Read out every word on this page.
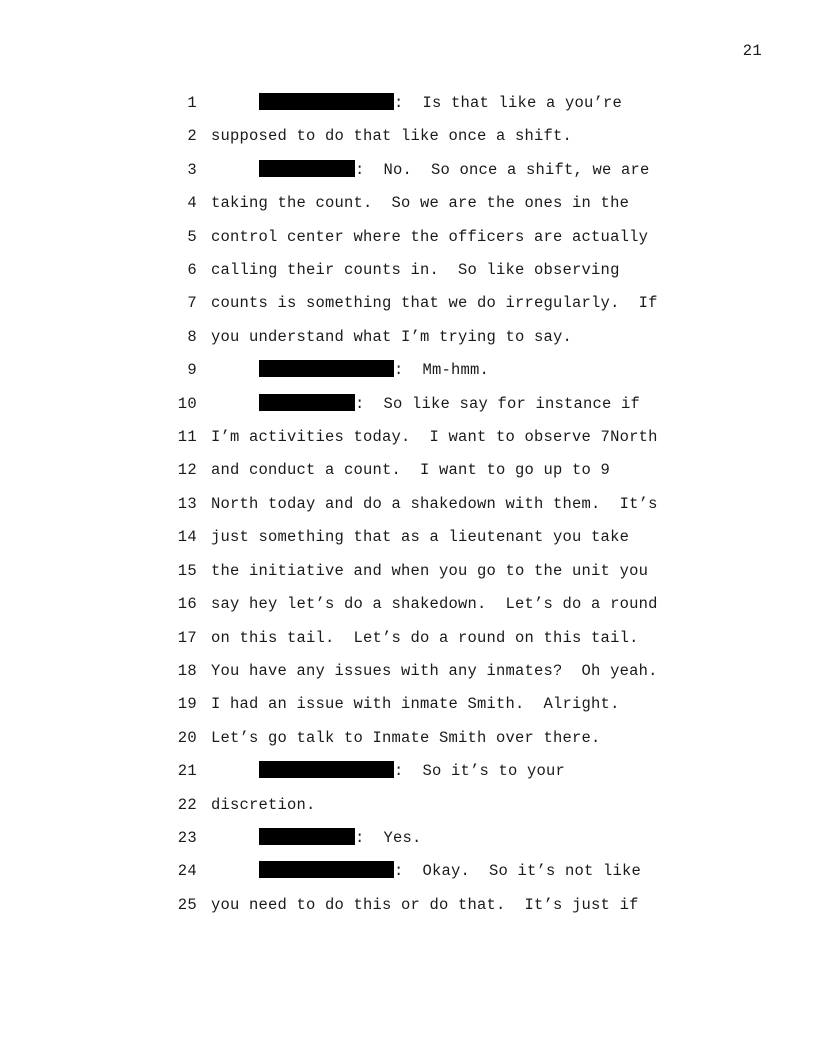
21
1	:  Is that like a you’re
2 supposed to do that like once a shift.
3	:  No.  So once a shift, we are
4 taking the count.  So we are the ones in the
5 control center where the officers are actually
6 calling their counts in.  So like observing
7 counts is something that we do irregularly.  If
8 you understand what I’m trying to say.
9	:  Mm-hmm.
10	:  So like say for instance if
11 I’m activities today.  I want to observe 7North
12 and conduct a count.  I want to go up to 9
13 North today and do a shakedown with them.  It’s
14 just something that as a lieutenant you take
15 the initiative and when you go to the unit you
16 say hey let’s do a shakedown.  Let’s do a round
17 on this tail.  Let’s do a round on this tail.
18 You have any issues with any inmates?  Oh yeah.
19 I had an issue with inmate Smith.  Alright.
20 Let’s go talk to Inmate Smith over there.
21	:  So it’s to your
22 discretion.
23	:  Yes.
24	:  Okay.  So it’s not like
25 you need to do this or do that.  It’s just if
